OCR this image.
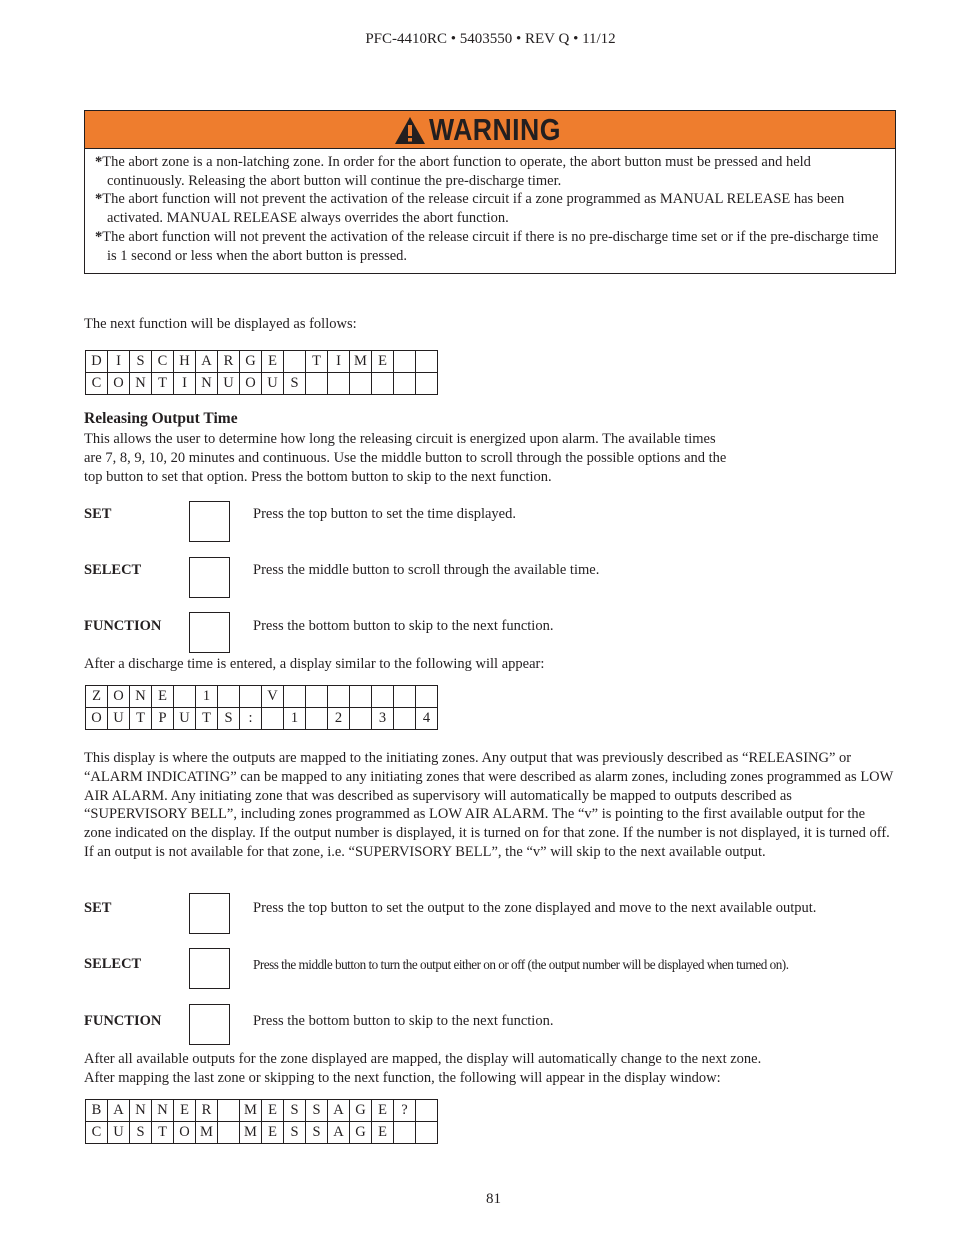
PFC-4410RC • 5403550 • REV Q • 11/12
WARNING
*The abort zone is a non-latching zone. In order for the abort function to operate, the abort button must be pressed and held continuously. Releasing the abort button will continue the pre-discharge timer.
*The abort function will not prevent the activation of the release circuit if a zone programmed as MANUAL RELEASE has been activated. MANUAL RELEASE always overrides the abort function.
*The abort function will not prevent the activation of the release circuit if there is no pre-discharge time set or if the pre-discharge time is 1 second or less when the abort button is pressed.

The next function will be displayed as follows:

D	I	S	C	H	A	R	G	E		T	I	M	E		
C	O	N	T	I	N	U	O	U	S						
Releasing Output Time

This allows the user to determine how long the releasing circuit is energized upon alarm. The available times are 7, 8, 9, 10, 20 minutes and continuous. Use the middle button to scroll through the possible options and the top button to set that option. Press the bottom button to skip to the next function.

SET	Press the top button to set the time displayed.
SELECT	Press the middle button to scroll through the available time.
FUNCTION	Press the bottom button to skip to the next function.

After a discharge time is entered, a display similar to the following will appear:

Z	O	N	E		1			V							
O	U	T	P	U	T	S	:		1		2		3		4

This display is where the outputs are mapped to the initiating zones. Any output that was previously described as “RELEASING” or “ALARM INDICATING” can be mapped to any initiating zones that were described as alarm zones, including zones programmed as LOW AIR ALARM. Any initiating zone that was described as supervisory will automatically be mapped to outputs described as “SUPERVISORY BELL”, including zones programmed as LOW AIR ALARM. The “v” is pointing to the first available output for the zone indicated on the display. If the output number is displayed, it is turned on for that zone. If the number is not displayed, it is turned off. If an output is not available for that zone, i.e. “SUPERVISORY BELL”, the “v” will skip to the next available output.

SET	Press the top button to set the output to the zone displayed and move to the next available output.
SELECT	Press the middle button to turn the output either on or off (the output number will be displayed when turned on).
FUNCTION	Press the bottom button to skip to the next function.

After all available outputs for the zone displayed are mapped, the display will automatically change to the next zone.

After mapping the last zone or skipping to the next function, the following will appear in the display window:

B	A	N	N	E	R		M	E	S	S	A	G	E	?	
C	U	S	T	O	M		M	E	S	S	A	G	E		
81
